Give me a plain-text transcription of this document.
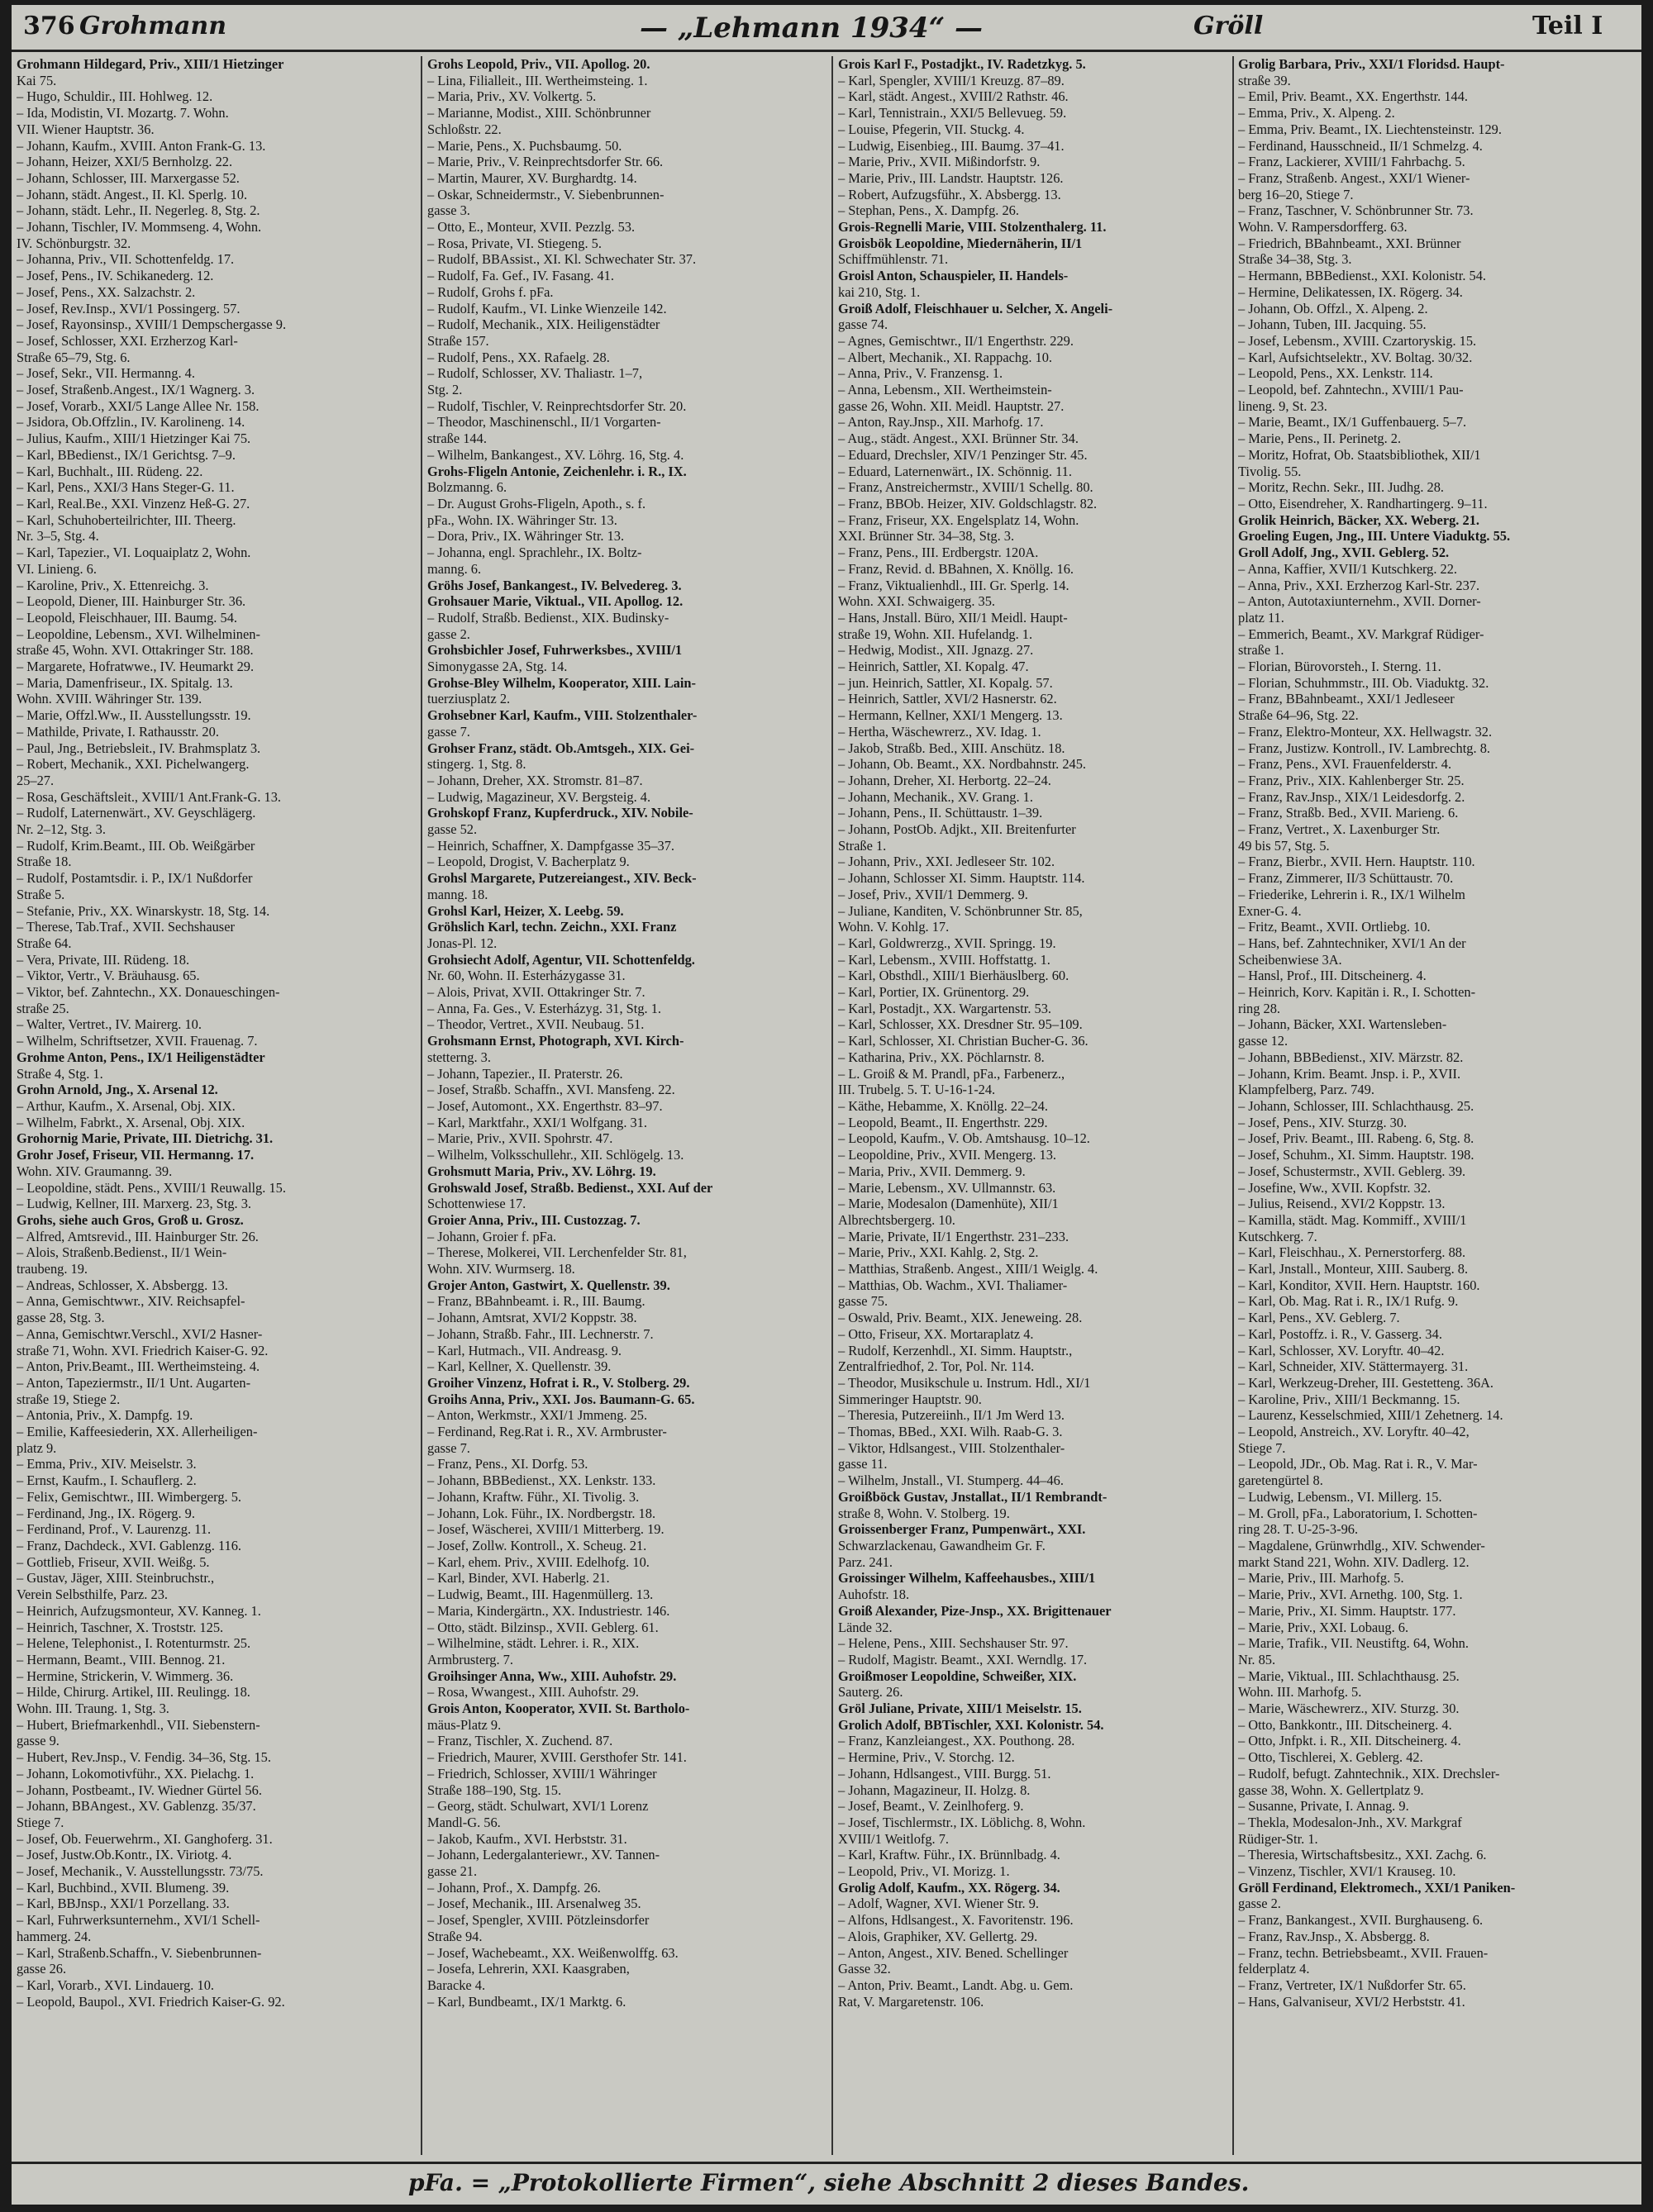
376 Grohmann	— „Lehmann 1934“ —	Gröll	Teil I
Grohmann Hildegard, Priv., XIII/1 Hietzinger
Kai 75.
– Hugo, Schuldir., III. Hohlweg. 12.
– Ida, Modistin, VI. Mozartg. 7. Wohn.
VII. Wiener Hauptstr. 36.
– Johann, Kaufm., XVIII. Anton Frank-G. 13.
– Johann, Heizer, XXI/5 Bernholzg. 22.
– Johann, Schlosser, III. Marxergasse 52.
– Johann, städt. Angest., II. Kl. Sperlg. 10.
– Johann, städt. Lehr., II. Negerleg. 8, Stg. 2.
– Johann, Tischler, IV. Mommseng. 4, Wohn.
IV. Schönburgstr. 32.
– Johanna, Priv., VII. Schottenfeldg. 17.
– Josef, Pens., IV. Schikanederg. 12.
– Josef, Pens., XX. Salzachstr. 2.
– Josef, Rev.Insp., XVI/1 Possingerg. 57.
– Josef, Rayonsinsp., XVIII/1 Dempschergasse 9.
– Josef, Schlosser, XXI. Erzherzog Karl-
Straße 65–79, Stg. 6.
– Josef, Sekr., VII. Hermanng. 4.
– Josef, Straßenb.Angest., IX/1 Wagnerg. 3.
– Josef, Vorarb., XXI/5 Lange Allee Nr. 158.
– Jsidora, Ob.Offzlin., IV. Karolineng. 14.
– Julius, Kaufm., XIII/1 Hietzinger Kai 75.
– Karl, BBedienst., IX/1 Gerichtsg. 7–9.
– Karl, Buchhalt., III. Rüdeng. 22.
– Karl, Pens., XXI/3 Hans Steger-G. 11.
– Karl, Real.Be., XXI. Vinzenz Heß-G. 27.
– Karl, Schuhoberteilrichter, III. Theerg.
Nr. 3–5, Stg. 4.
– Karl, Tapezier., VI. Loquaiplatz 2, Wohn.
VI. Linieng. 6.
– Karoline, Priv., X. Ettenreichg. 3.
– Leopold, Diener, III. Hainburger Str. 36.
– Leopold, Fleischhauer, III. Baumg. 54.
– Leopoldine, Lebensm., XVI. Wilhelminen-
straße 45, Wohn. XVI. Ottakringer Str. 188.
– Margarete, Hofratwwe., IV. Heumarkt 29.
– Maria, Damenfriseur., IX. Spitalg. 13.
Wohn. XVIII. Währinger Str. 139.
– Marie, Offzl.Ww., II. Ausstellungsstr. 19.
– Mathilde, Private, I. Rathausstr. 20.
– Paul, Jng., Betriebsleit., IV. Brahmsplatz 3.
– Robert, Mechanik., XXI. Pichelwangerg.
25–27.
– Rosa, Geschäftsleit., XVIII/1 Ant.Frank-G. 13.
– Rudolf, Laternenwärt., XV. Geyschlägerg.
Nr. 2–12, Stg. 3.
– Rudolf, Krim.Beamt., III. Ob. Weißgärber
Straße 18.
– Rudolf, Postamtsdir. i. P., IX/1 Nußdorfer
Straße 5.
– Stefanie, Priv., XX. Winarskystr. 18, Stg. 14.
– Therese, Tab.Traf., XVII. Sechshauser
Straße 64.
– Vera, Private, III. Rüdeng. 18.
– Viktor, Vertr., V. Bräuhausg. 65.
– Viktor, bef. Zahntechn., XX. Donaueschingen-
straße 25.
– Walter, Vertret., IV. Mairerg. 10.
– Wilhelm, Schriftsetzer, XVII. Frauenag. 7.
Grohme Anton, Pens., IX/1 Heiligenstädter
Straße 4, Stg. 1.
Grohn Arnold, Jng., X. Arsenal 12.
– Arthur, Kaufm., X. Arsenal, Obj. XIX.
– Wilhelm, Fabrkt., X. Arsenal, Obj. XIX.
Grohornig Marie, Private, III. Dietrichg. 31.
Grohr Josef, Friseur, VII. Hermanng. 17.
Wohn. XIV. Graumanng. 39.
– Leopoldine, städt. Pens., XVIII/1 Reuwallg. 15.
– Ludwig, Kellner, III. Marxerg. 23, Stg. 3.
Grohs, siehe auch Gros, Groß u. Grosz.
– Alfred, Amtsrevid., III. Hainburger Str. 26.
– Alois, Straßenb.Bedienst., II/1 Wein-
traubeng. 19.
– Andreas, Schlosser, X. Absbergg. 13.
– Anna, Gemischtwwr., XIV. Reichsapfel-
gasse 28, Stg. 3.
– Anna, Gemischtwr.Verschl., XVI/2 Hasner-
straße 71, Wohn. XVI. Friedrich Kaiser-G. 92.
– Anton, Priv.Beamt., III. Wertheimsteing. 4.
– Anton, Tapeziermstr., II/1 Unt. Augarten-
straße 19, Stiege 2.
– Antonia, Priv., X. Dampfg. 19.
– Emilie, Kaffeesiederin, XX. Allerheiligen-
platz 9.
– Emma, Priv., XIV. Meiselstr. 3.
– Ernst, Kaufm., I. Schauflerg. 2.
– Felix, Gemischtwr., III. Wimbergerg. 5.
– Ferdinand, Jng., IX. Rögerg. 9.
– Ferdinand, Prof., V. Laurenzg. 11.
– Franz, Dachdeck., XVI. Gablenzg. 116.
– Gottlieb, Friseur, XVII. Weißg. 5.
– Gustav, Jäger, XIII. Steinbruchstr.,
Verein Selbsthilfe, Parz. 23.
– Heinrich, Aufzugsmonteur, XV. Kanneg. 1.
– Heinrich, Taschner, X. Troststr. 125.
– Helene, Telephonist., I. Rotenturmstr. 25.
– Hermann, Beamt., VIII. Bennog. 21.
– Hermine, Strickerin, V. Wimmerg. 36.
– Hilde, Chirurg. Artikel, III. Reulingg. 18.
Wohn. III. Traung. 1, Stg. 3.
– Hubert, Briefmarkenhdl., VII. Siebenstern-
gasse 9.
– Hubert, Rev.Jnsp., V. Fendig. 34–36, Stg. 15.
– Johann, Lokomotivführ., XX. Pielachg. 1.
– Johann, Postbeamt., IV. Wiedner Gürtel 56.
– Johann, BBAngest., XV. Gablenzg. 35/37.
Stiege 7.
– Josef, Ob. Feuerwehrm., XI. Ganghoferg. 31.
– Josef, Justw.Ob.Kontr., IX. Viriotg. 4.
– Josef, Mechanik., V. Ausstellungsstr. 73/75.
– Karl, Buchbind., XVII. Blumeng. 39.
– Karl, BBJnsp., XXI/1 Porzellang. 33.
– Karl, Fuhrwerksunternehm., XVI/1 Schell-
hammerg. 24.
– Karl, Straßenb.Schaffn., V. Siebenbrunnen-
gasse 26.
– Karl, Vorarb., XVI. Lindauerg. 10.
– Leopold, Baupol., XVI. Friedrich Kaiser-G. 92.
Grohs Leopold, Priv., VII. Apollog. 20.
– Lina, Filialleit., III. Wertheimsteing. 1.
– Maria, Priv., XV. Volkertg. 5.
– Marianne, Modist., XIII. Schönbrunner
Schloßstr. 22.
– Marie, Pens., X. Puchsbaumg. 50.
– Marie, Priv., V. Reinprechtsdorfer Str. 66.
– Martin, Maurer, XV. Burghardtg. 14.
– Oskar, Schneidermstr., V. Siebenbrunnen-
gasse 3.
– Otto, E., Monteur, XVII. Pezzlg. 53.
– Rosa, Private, VI. Stiegeng. 5.
– Rudolf, BBAssist., XI. Kl. Schwechater Str. 37.
– Rudolf, Fa. Gef., IV. Fasang. 41.
– Rudolf, Grohs f. pFa.
– Rudolf, Kaufm., VI. Linke Wienzeile 142.
– Rudolf, Mechanik., XIX. Heiligenstädter
Straße 157.
– Rudolf, Pens., XX. Rafaelg. 28.
– Rudolf, Schlosser, XV. Thaliastr. 1–7,
Stg. 2.
– Rudolf, Tischler, V. Reinprechtsdorfer Str. 20.
– Theodor, Maschinenschl., II/1 Vorgarten-
straße 144.
– Wilhelm, Bankangest., XV. Löhrg. 16, Stg. 4.
Grohs-Fligeln Antonie, Zeichenlehr. i. R., IX.
Bolzmanng. 6.
– Dr. August Grohs-Fligeln, Apoth., s. f.
pFa., Wohn. IX. Währinger Str. 13.
– Dora, Priv., IX. Währinger Str. 13.
– Johanna, engl. Sprachlehr., IX. Boltz-
manng. 6.
Gröhs Josef, Bankangest., IV. Belvedereg. 3.
Grohsauer Marie, Viktual., VII. Apollog. 12.
– Rudolf, Straßb. Bedienst., XIX. Budinsky-
gasse 2.
Grohsbichler Josef, Fuhrwerksbes., XVIII/1
Simonygasse 2A, Stg. 14.
Grohse-Bley Wilhelm, Kooperator, XIII. Lain-
tuerziusplatz 2.
Grohsebner Karl, Kaufm., VIII. Stolzenthaler-
gasse 7.
Grohser Franz, städt. Ob.Amtsgeh., XIX. Gei-
stingerg. 1, Stg. 8.
– Johann, Dreher, XX. Stromstr. 81–87.
– Ludwig, Magazineur, XV. Bergsteig. 4.
Grohskopf Franz, Kupferdruck., XIV. Nobile-
gasse 52.
– Heinrich, Schaffner, X. Dampfgasse 35–37.
– Leopold, Drogist, V. Bacherplatz 9.
Grohsl Margarete, Putzereiangest., XIV. Beck-
manng. 18.
Grohsl Karl, Heizer, X. Leebg. 59.
Gröhslich Karl, techn. Zeichn., XXI. Franz
Jonas-Pl. 12.
Grohsiecht Adolf, Agentur, VII. Schottenfeldg.
Nr. 60, Wohn. II. Esterházygasse 31.
– Alois, Privat, XVII. Ottakringer Str. 7.
– Anna, Fa. Ges., V. Esterházyg. 31, Stg. 1.
– Theodor, Vertret., XVII. Neubaug. 51.
Grohsmann Ernst, Photograph, XVI. Kirch-
stetterng. 3.
– Johann, Tapezier., II. Praterstr. 26.
– Josef, Straßb. Schaffn., XVI. Mansfeng. 22.
– Josef, Automont., XX. Engerthstr. 83–97.
– Karl, Marktfahr., XXI/1 Wolfgang. 31.
– Marie, Priv., XVII. Spohrstr. 47.
– Wilhelm, Volksschullehr., XII. Schlögelg. 13.
Grohsmutt Maria, Priv., XV. Löhrg. 19.
Grohswald Josef, Straßb. Bedienst., XXI. Auf der
Schottenwiese 17.
Groier Anna, Priv., III. Custozzag. 7.
– Johann, Groier f. pFa.
– Therese, Molkerei, VII. Lerchenfelder Str. 81,
Wohn. XIV. Wurmserg. 18.
Grojer Anton, Gastwirt, X. Quellenstr. 39.
– Franz, BBahnbeamt. i. R., III. Baumg.
– Johann, Amtsrat, XVI/2 Koppstr. 38.
– Johann, Straßb. Fahr., III. Lechnerstr. 7.
– Karl, Hutmach., VII. Andreasg. 9.
– Karl, Kellner, X. Quellenstr. 39.
Groiher Vinzenz, Hofrat i. R., V. Stolberg. 29.
Groihs Anna, Priv., XXI. Jos. Baumann-G. 65.
– Anton, Werkmstr., XXI/1 Jmmeng. 25.
– Ferdinand, Reg.Rat i. R., XV. Armbruster-
gasse 7.
– Franz, Pens., XI. Dorfg. 53.
– Johann, BBBedienst., XX. Lenkstr. 133.
– Johann, Kraftw. Führ., XI. Tivolig. 3.
– Johann, Lok. Führ., IX. Nordbergstr. 18.
– Josef, Wäscherei, XVIII/1 Mitterberg. 19.
– Josef, Zollw. Kontroll., X. Scheug. 21.
– Karl, ehem. Priv., XVIII. Edelhofg. 10.
– Karl, Binder, XVI. Haberlg. 21.
– Ludwig, Beamt., III. Hagenmüllerg. 13.
– Maria, Kindergärtn., XX. Industriestr. 146.
– Otto, städt. Bilzinsp., XVII. Geblerg. 61.
– Wilhelmine, städt. Lehrer. i. R., XIX.
Armbrusterg. 7.
Groihsinger Anna, Ww., XIII. Auhofstr. 29.
– Rosa, Wwangest., XIII. Auhofstr. 29.
Grois Anton, Kooperator, XVII. St. Bartholo-
mäus-Platz 9.
– Franz, Tischler, X. Zuchend. 87.
– Friedrich, Maurer, XVIII. Gersthofer Str. 141.
– Friedrich, Schlosser, XVIII/1 Währinger
Straße 188–190, Stg. 15.
– Georg, städt. Schulwart, XVI/1 Lorenz
Mandl-G. 56.
– Jakob, Kaufm., XVI. Herbststr. 31.
– Johann, Ledergalanteriewr., XV. Tannen-
gasse 21.
– Johann, Prof., X. Dampfg. 26.
– Josef, Mechanik., III. Arsenalweg 35.
– Josef, Spengler, XVIII. Pötzleinsdorfer
Straße 94.
– Josef, Wachebeamt., XX. Weißenwolffg. 63.
– Josefa, Lehrerin, XXI. Kaasgraben,
Baracke 4.
– Karl, Bundbeamt., IX/1 Marktg. 6.
Grois Karl F., Postadjkt., IV. Radetzkyg. 5.
– Karl, Spengler, XVIII/1 Kreuzg. 87–89.
– Karl, städt. Angest., XVIII/2 Rathstr. 46.
– Karl, Tennistrain., XXI/5 Bellevueg. 59.
– Louise, Pfegerin, VII. Stuckg. 4.
– Ludwig, Eisenbieg., III. Baumg. 37–41.
– Marie, Priv., XVII. Mißindorfstr. 9.
– Marie, Priv., III. Landstr. Hauptstr. 126.
– Robert, Aufzugsführ., X. Absbergg. 13.
– Stephan, Pens., X. Dampfg. 26.
Grois-Regnelli Marie, VIII. Stolzenthalerg. 11.
Groisbök Leopoldine, Miedernäherin, II/1
Schiffmühlenstr. 71.
Groisl Anton, Schauspieler, II. Handels-
kai 210, Stg. 1.
Groiß Adolf, Fleischhauer u. Selcher, X. Angeli-
gasse 74.
– Agnes, Gemischtwr., II/1 Engerthstr. 229.
– Albert, Mechanik., XI. Rappachg. 10.
– Anna, Priv., V. Franzensg. 1.
– Anna, Lebensm., XII. Wertheimstein-
gasse 26, Wohn. XII. Meidl. Hauptstr. 27.
– Anton, Ray.Jnsp., XII. Marhofg. 17.
– Aug., städt. Angest., XXI. Brünner Str. 34.
– Eduard, Drechsler, XIV/1 Penzinger Str. 45.
– Eduard, Laternenwärt., IX. Schönnig. 11.
– Franz, Anstreichermstr., XVIII/1 Schellg. 80.
– Franz, BBOb. Heizer, XIV. Goldschlagstr. 82.
– Franz, Friseur, XX. Engelsplatz 14, Wohn.
XXI. Brünner Str. 34–38, Stg. 3.
– Franz, Pens., III. Erdbergstr. 120A.
– Franz, Revid. d. BBahnen, X. Knöllg. 16.
– Franz, Viktualienhdl., III. Gr. Sperlg. 14.
Wohn. XXI. Schwaigerg. 35.
– Hans, Jnstall. Büro, XII/1 Meidl. Haupt-
straße 19, Wohn. XII. Hufelandg. 1.
– Hedwig, Modist., XII. Jgnazg. 27.
– Heinrich, Sattler, XI. Kopalg. 47.
– jun. Heinrich, Sattler, XI. Kopalg. 57.
– Heinrich, Sattler, XVI/2 Hasnerstr. 62.
– Hermann, Kellner, XXI/1 Mengerg. 13.
– Hertha, Wäschewrerz., XV. Idag. 1.
– Jakob, Straßb. Bed., XIII. Anschütz. 18.
– Johann, Ob. Beamt., XX. Nordbahnstr. 245.
– Johann, Dreher, XI. Herbortg. 22–24.
– Johann, Mechanik., XV. Grang. 1.
– Johann, Pens., II. Schüttaustr. 1–39.
– Johann, PostOb. Adjkt., XII. Breitenfurter
Straße 1.
– Johann, Priv., XXI. Jedleseer Str. 102.
– Johann, Schlosser XI. Simm. Hauptstr. 114.
– Josef, Priv., XVII/1 Demmerg. 9.
– Juliane, Kanditen, V. Schönbrunner Str. 85,
Wohn. V. Kohlg. 17.
– Karl, Goldwrerzg., XVII. Springg. 19.
– Karl, Lebensm., XVIII. Hoffstattg. 1.
– Karl, Obsthdl., XIII/1 Bierhäuslberg. 60.
– Karl, Portier, IX. Grünentorg. 29.
– Karl, Postadjt., XX. Wargartenstr. 53.
– Karl, Schlosser, XX. Dresdner Str. 95–109.
– Karl, Schlosser, XI. Christian Bucher-G. 36.
– Katharina, Priv., XX. Pöchlarnstr. 8.
– L. Groiß & M. Prandl, pFa., Farbenerz.,
III. Trubelg. 5. T. U-16-1-24.
– Käthe, Hebamme, X. Knöllg. 22–24.
– Leopold, Beamt., II. Engerthstr. 229.
– Leopold, Kaufm., V. Ob. Amtshausg. 10–12.
– Leopoldine, Priv., XVII. Mengerg. 13.
– Maria, Priv., XVII. Demmerg. 9.
– Marie, Lebensm., XV. Ullmannstr. 63.
– Marie, Modesalon (Damenhüte), XII/1
Albrechtsbergerg. 10.
– Marie, Private, II/1 Engerthstr. 231–233.
– Marie, Priv., XXI. Kahlg. 2, Stg. 2.
– Matthias, Straßenb. Angest., XIII/1 Weiglg. 4.
– Matthias, Ob. Wachm., XVI. Thaliamer-
gasse 75.
– Oswald, Priv. Beamt., XIX. Jeneweing. 28.
– Otto, Friseur, XX. Mortaraplatz 4.
– Rudolf, Kerzenhdl., XI. Simm. Hauptstr.,
Zentralfriedhof, 2. Tor, Pol. Nr. 114.
– Theodor, Musikschule u. Instrum. Hdl., XI/1
Simmeringer Hauptstr. 90.
– Theresia, Putzereiinh., II/1 Jm Werd 13.
– Thomas, BBed., XXI. Wilh. Raab-G. 3.
– Viktor, Hdlsangest., VIII. Stolzenthaler-
gasse 11.
– Wilhelm, Jnstall., VI. Stumperg. 44–46.
Groißböck Gustav, Jnstallat., II/1 Rembrandt-
straße 8, Wohn. V. Stolberg. 19.
Groissenberger Franz, Pumpenwärt., XXI.
Schwarzlackenau, Gawandheim Gr. F.
Parz. 241.
Groissinger Wilhelm, Kaffeehausbes., XIII/1
Auhofstr. 18.
Groiß Alexander, Pize-Jnsp., XX. Brigittenauer
Lände 32.
– Helene, Pens., XIII. Sechshauser Str. 97.
– Rudolf, Magistr. Beamt., XXI. Werndlg. 17.
Groißmoser Leopoldine, Schweißer, XIX.
Sauterg. 26.
Gröl Juliane, Private, XIII/1 Meiselstr. 15.
Grolich Adolf, BBTischler, XXI. Kolonistr. 54.
– Franz, Kanzleiangest., XX. Pouthong. 28.
– Hermine, Priv., V. Storchg. 12.
– Johann, Hdlsangest., VIII. Burgg. 51.
– Johann, Magazineur, II. Holzg. 8.
– Josef, Beamt., V. Zeinlhoferg. 9.
– Josef, Tischlermstr., IX. Löblichg. 8, Wohn.
XVIII/1 Weitlofg. 7.
– Karl, Kraftw. Führ., IX. Brünnlbadg. 4.
– Leopold, Priv., VI. Morizg. 1.
Grolig Adolf, Kaufm., XX. Rögerg. 34.
– Adolf, Wagner, XVI. Wiener Str. 9.
– Alfons, Hdlsangest., X. Favoritenstr. 196.
– Alois, Graphiker, XV. Gellertg. 29.
– Anton, Angest., XIV. Bened. Schellinger
Gasse 32.
– Anton, Priv. Beamt., Landt. Abg. u. Gem.
Rat, V. Margaretenstr. 106.
Grolig Barbara, Priv., XXI/1 Floridsd. Haupt-
straße 39.
– Emil, Priv. Beamt., XX. Engerthstr. 144.
– Emma, Priv., X. Alpeng. 2.
– Emma, Priv. Beamt., IX. Liechtensteinstr. 129.
– Ferdinand, Hausschneid., II/1 Schmelzg. 4.
– Franz, Lackierer, XVIII/1 Fahrbachg. 5.
– Franz, Straßenb. Angest., XXI/1 Wiener-
berg 16–20, Stiege 7.
– Franz, Taschner, V. Schönbrunner Str. 73.
Wohn. V. Rampersdorfferg. 63.
– Friedrich, BBahnbeamt., XXI. Brünner
Straße 34–38, Stg. 3.
– Hermann, BBBedienst., XXI. Kolonistr. 54.
– Hermine, Delikatessen, IX. Rögerg. 34.
– Johann, Ob. Offzl., X. Alpeng. 2.
– Johann, Tuben, III. Jacquing. 55.
– Josef, Lebensm., XVIII. Czartoryskig. 15.
– Karl, Aufsichtselektr., XV. Boltag. 30/32.
– Leopold, Pens., XX. Lenkstr. 114.
– Leopold, bef. Zahntechn., XVIII/1 Pau-
lineng. 9, St. 23.
– Marie, Beamt., IX/1 Guffenbauerg. 5–7.
– Marie, Pens., II. Perinetg. 2.
– Moritz, Hofrat, Ob. Staatsbibliothek, XII/1
Tivolig. 55.
– Moritz, Rechn. Sekr., III. Judhg. 28.
– Otto, Eisendreher, X. Randhartingerg. 9–11.
Grolik Heinrich, Bäcker, XX. Weberg. 21.
Groeling Eugen, Jng., III. Untere Viaduktg. 55.
Groll Adolf, Jng., XVII. Geblerg. 52.
– Anna, Kaffier, XVII/1 Kutschkerg. 22.
– Anna, Priv., XXI. Erzherzog Karl-Str. 237.
– Anton, Autotaxiunternehm., XVII. Dorner-
platz 11.
– Emmerich, Beamt., XV. Markgraf Rüdiger-
straße 1.
– Florian, Bürovorsteh., I. Sterng. 11.
– Florian, Schuhmmstr., III. Ob. Viaduktg. 32.
– Franz, BBahnbeamt., XXI/1 Jedleseer
Straße 64–96, Stg. 22.
– Franz, Elektro-Monteur, XX. Hellwagstr. 32.
– Franz, Justizw. Kontroll., IV. Lambrechtg. 8.
– Franz, Pens., XVI. Frauenfelderstr. 4.
– Franz, Priv., XIX. Kahlenberger Str. 25.
– Franz, Rav.Jnsp., XIX/1 Leidesdorfg. 2.
– Franz, Straßb. Bed., XVII. Marieng. 6.
– Franz, Vertret., X. Laxenburger Str.
49 bis 57, Stg. 5.
– Franz, Bierbr., XVII. Hern. Hauptstr. 110.
– Franz, Zimmerer, II/3 Schüttaustr. 70.
– Friederike, Lehrerin i. R., IX/1 Wilhelm
Exner-G. 4.
– Fritz, Beamt., XVII. Ortliebg. 10.
– Hans, bef. Zahntechniker, XVI/1 An der
Scheibenwiese 3A.
– Hansl, Prof., III. Ditscheinerg. 4.
– Heinrich, Korv. Kapitän i. R., I. Schotten-
ring 28.
– Johann, Bäcker, XXI. Wartensleben-
gasse 12.
– Johann, BBBedienst., XIV. Märzstr. 82.
– Johann, Krim. Beamt. Jnsp. i. P., XVII.
Klampfelberg, Parz. 749.
– Johann, Schlosser, III. Schlachthausg. 25.
– Josef, Pens., XIV. Sturzg. 30.
– Josef, Priv. Beamt., III. Rabeng. 6, Stg. 8.
– Josef, Schuhm., XI. Simm. Hauptstr. 198.
– Josef, Schustermstr., XVII. Geblerg. 39.
– Josefine, Ww., XVII. Kopfstr. 32.
– Julius, Reisend., XVI/2 Koppstr. 13.
– Kamilla, städt. Mag. Kommiff., XVIII/1
Kutschkerg. 7.
– Karl, Fleischhau., X. Pernerstorferg. 88.
– Karl, Jnstall., Monteur, XIII. Sauberg. 8.
– Karl, Konditor, XVII. Hern. Hauptstr. 160.
– Karl, Ob. Mag. Rat i. R., IX/1 Rufg. 9.
– Karl, Pens., XV. Geblerg. 7.
– Karl, Postoffz. i. R., V. Gasserg. 34.
– Karl, Schlosser, XV. Loryftr. 40–42.
– Karl, Schneider, XIV. Stättermayerg. 31.
– Karl, Werkzeug-Dreher, III. Gestetteng. 36A.
– Karoline, Priv., XIII/1 Beckmanng. 15.
– Laurenz, Kesselschmied, XIII/1 Zehetnerg. 14.
– Leopold, Anstreich., XV. Loryftr. 40–42,
Stiege 7.
– Leopold, JDr., Ob. Mag. Rat i. R., V. Mar-
garetengürtel 8.
– Ludwig, Lebensm., VI. Millerg. 15.
– M. Groll, pFa., Laboratorium, I. Schotten-
ring 28. T. U-25-3-96.
– Magdalene, Grünwrhdlg., XIV. Schwender-
markt Stand 221, Wohn. XIV. Dadlerg. 12.
– Marie, Priv., III. Marhofg. 5.
– Marie, Priv., XVI. Arnethg. 100, Stg. 1.
– Marie, Priv., XI. Simm. Hauptstr. 177.
– Marie, Priv., XXI. Lobaug. 6.
– Marie, Trafik., VII. Neustiftg. 64, Wohn.
Nr. 85.
– Marie, Viktual., III. Schlachthausg. 25.
Wohn. III. Marhofg. 5.
– Marie, Wäschewrerz., XIV. Sturzg. 30.
– Otto, Bankkontr., III. Ditscheinerg. 4.
– Otto, Jnfpkt. i. R., XII. Ditscheinerg. 4.
– Otto, Tischlerei, X. Geblerg. 42.
– Rudolf, befugt. Zahntechnik., XIX. Drechsler-
gasse 38, Wohn. X. Gellertplatz 9.
– Susanne, Private, I. Annag. 9.
– Thekla, Modesalon-Jnh., XV. Markgraf
Rüdiger-Str. 1.
– Theresia, Wirtschaftsbesitz., XXI. Zachg. 6.
– Vinzenz, Tischler, XVI/1 Krauseg. 10.
Gröll Ferdinand, Elektromech., XXI/1 Paniken-
gasse 2.
– Franz, Bankangest., XVII. Burghauseng. 6.
– Franz, Rav.Jnsp., X. Absbergg. 8.
– Franz, techn. Betriebsbeamt., XVII. Frauen-
felderplatz 4.
– Franz, Vertreter, IX/1 Nußdorfer Str. 65.
– Hans, Galvaniseur, XVI/2 Herbststr. 41.
pFa. = „Protokollierte Firmen“, siehe Abschnitt 2 dieses Bandes.
